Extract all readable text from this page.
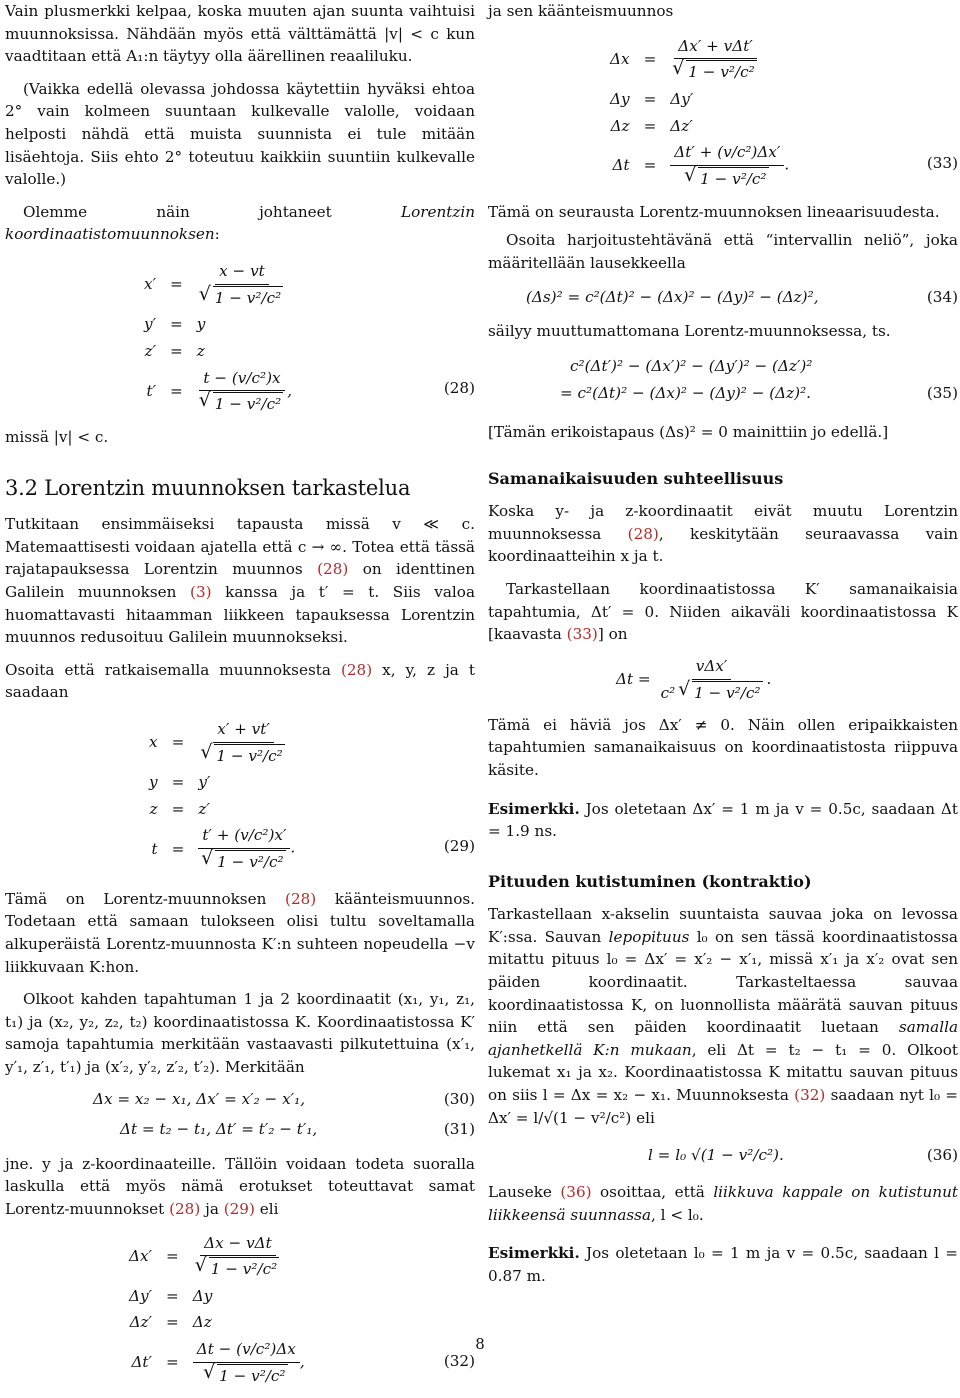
Vain plusmerkki kelpaa, koska muuten ajan suunta vaihtuisi muunnoksissa. Nähdään myös että välttämättä |v| < c kun vaadtitaan että A₁:n täytyy olla äärellinen reaaliluku.

(Vaikka edellä olevassa johdossa käytettiin hyväksi ehtoa 2° vain kolmeen suuntaan kulkevalle valolle, voidaan helposti nähdä että muista suunnista ei tule mitään lisäehtoja. Siis ehto 2° toteutuu kaikkiin suuntiin kulkevalle valolle.)

Olemme näin johtaneet Lorentzin koordinaatistomuunnoksen:

x′	=	x − vt
√ 1 − v²/c²

y′	=	y
z′	=	z
t′	=	t − (v/c²)x
√ 1 − v²/c² ,	(28)

missä |v| < c.

3.2 Lorentzin muunnoksen tarkastelua

Tutkitaan ensimmäiseksi tapausta missä v ≪ c. Matemaattisesti voidaan ajatella että c → ∞. Totea että tässä rajatapauksessa Lorentzin muunnos (28) on identtinen Galilein muunnoksen (3) kanssa ja t′ = t. Siis valoa huomattavasti hitaamman liikkeen tapauksessa Lorentzin muunnos redusoituu Galilein muunnokseksi.

Osoita että ratkaisemalla muunnoksesta (28) x, y, z ja t saadaan

x	=	x′ + vt′
√ 1 − v²/c²

y	=	y′
z	=	z′
t	=	t′ + (v/c²)x′
√ 1 − v²/c² .	(29)

Tämä on Lorentz-muunnoksen (28) käänteismuunnos. Todetaan että samaan tulokseen olisi tultu soveltamalla alkuperäistä Lorentz-muunnosta K′:n suhteen nopeudella −v liikkuvaan K:hon.

Olkoot kahden tapahtuman 1 ja 2 koordinaatit (x₁, y₁, z₁, t₁) ja (x₂, y₂, z₂, t₂) koordinaatistossa K. Koordinaatistossa K′ samoja tapahtumia merkitään vastaavasti pilkutettuina (x′₁, y′₁, z′₁, t′₁) ja (x′₂, y′₂, z′₂, t′₂). Merkitään

Δx = x₂ − x₁, Δx′ = x′₂ − x′₁,	(30)
Δt = t₂ − t₁, Δt′ = t′₂ − t′₁,	(31)

jne. y ja z-koordinaateille. Tällöin voidaan todeta suoralla laskulla että myös nämä erotukset toteuttavat samat Lorentz-muunnokset (28) ja (29) eli

Δx′	=	Δx − vΔt
√ 1 − v²/c²

Δy′	=	Δy
Δz′	=	Δz
Δt′	=	Δt − (v/c²)Δx
√ 1 − v²/c² ,	(32)

ja sen käänteismuunnos

Δx	=	Δx′ + vΔt′
√ 1 − v²/c²

Δy	=	Δy′
Δz	=	Δz′
Δt	=	Δt′ + (v/c²)Δx′
√ 1 − v²/c² .	(33)

Tämä on seurausta Lorentz-muunnoksen lineaarisuudesta.

Osoita harjoitustehtävänä että “intervallin neliö”, joka määritellään lausekkeella

(Δs)² = c²(Δt)² − (Δx)² − (Δy)² − (Δz)²,	(34)

säilyy muuttumattomana Lorentz-muunnoksessa, ts.

c²(Δt′)² − (Δx′)² − (Δy′)² − (Δz′)²
= c²(Δt)² − (Δx)² − (Δy)² − (Δz)².	(35)

[Tämän erikoistapaus (Δs)² = 0 mainittiin jo edellä.]

Samanaikaisuuden suhteellisuus

Koska y- ja z-koordinaatit eivät muutu Lorentzin muunnoksessa (28), keskitytään seuraavassa vain koordinaatteihin x ja t.

Tarkastellaan koordinaatistossa K′ samanaikaisia tapahtumia, Δt′ = 0. Niiden aikaväli koordinaatistossa K [kaavasta (33)] on

$\Delta t = \frac{\text{vΔx′}}{\text{c² √ 1 − v²/c²}}$ .

Tämä ei häviä jos Δx′ ≠ 0. Näin ollen eripaikkaisten tapahtumien samanaikaisuus on koordinaatistosta riippuva käsite.

Esimerkki. Jos oletetaan Δx′ = 1 m ja v = 0.5c, saadaan Δt = 1.9 ns.

Pituuden kutistuminen (kontraktio)

Tarkastellaan x-akselin suuntaista sauvaa joka on levossa K′:ssa. Sauvan lepopituus l₀ on sen tässä koordinaatistossa mitattu pituus l₀ = Δx′ = x′₂ − x′₁, missä x′₁ ja x′₂ ovat sen päiden koordinaatit. Tarkasteltaessa sauvaa koordinaatistossa K, on luonnollista määrätä sauvan pituus niin että sen päiden koordinaatit luetaan samalla ajanhetkellä K:n mukaan, eli Δt = t₂ − t₁ = 0. Olkoot lukemat x₁ ja x₂. Koordinaatistossa K mitattu sauvan pituus on siis l = Δx = x₂ − x₁. Muunnoksesta (32) saadaan nyt l₀ = Δx′ = l/√(1 − v²/c²) eli

l = l₀ √(1 − v²/c²).	(36)

Lauseke (36) osoittaa, että liikkuva kappale on kutistunut liikkeensä suunnassa, l < l₀.

Esimerkki. Jos oletetaan l₀ = 1 m ja v = 0.5c, saadaan l = 0.87 m.

8
